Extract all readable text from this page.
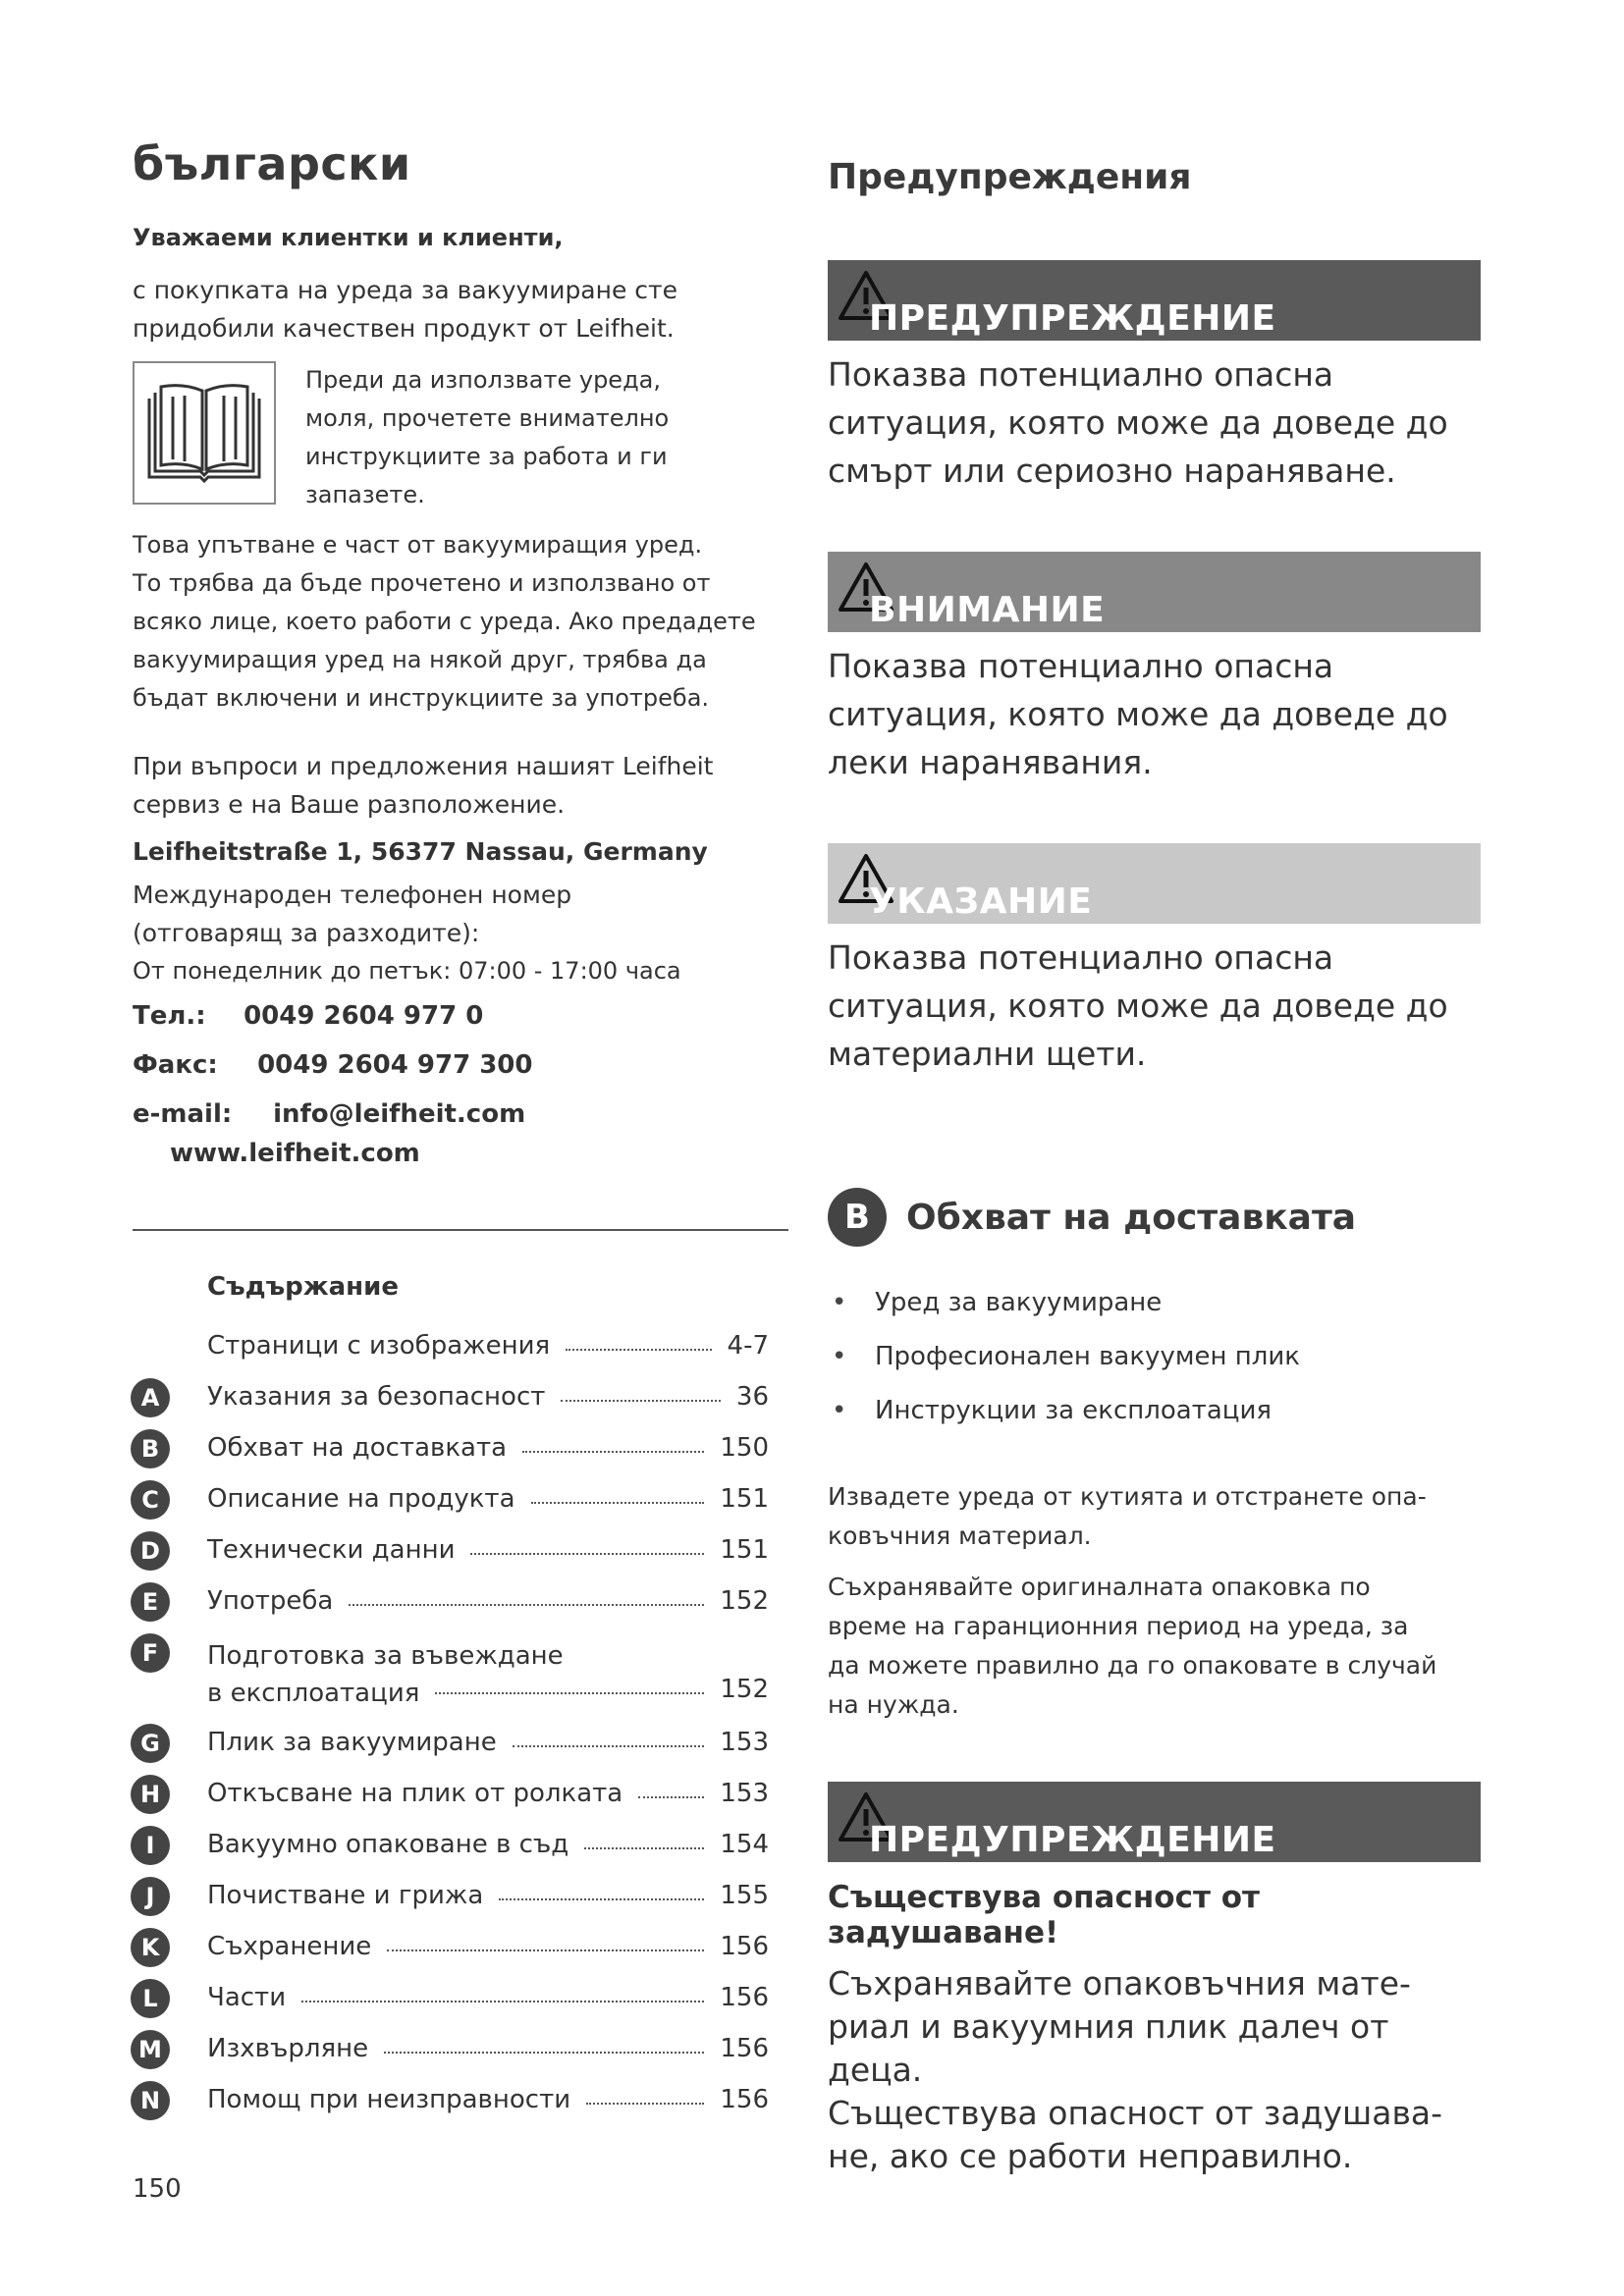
български
Уважаеми клиентки и клиенти,
с покупката на уреда за вакуумиране сте
придобили качествен продукт от Leifheit.
Преди да използвате уреда,
моля, прочетете внимателно
инструкциите за работа и ги
запазете.
Това упътване е част от вакуумиращия уред.
То трябва да бъде прочетено и използвано от
всяко лице, което работи с уреда. Ако предадете
вакуумиращия уред на някой друг, трябва да
бъдат включени и инструкциите за употреба.
При въпроси и предложения нашият Leifheit
сервиз е на Ваше разположение.
Leifheitstraße 1, 56377 Nassau, Germany
Международен телефонен номер
(отговарящ за разходите):
От понеделник до петък: 07:00 - 17:00 часа
Тел.: 0049 2604 977 0
Факс: 0049 2604 977 300
e-mail: info@leifheit.com
www.leifheit.com
Съдържание
Страници с изображения	4-7
A	Указания за безопасност	36
B	Обхват на доставката	150
C	Описание на продукта	151
D	Технически данни	151
E	Употреба	152
F	Подготовка за въвеждане
в експлоатация	152
G	Плик за вакуумиране	153
H	Откъсване на плик от ролката	153
I	Вакуумно опаковане в съд	154
J	Почистване и грижа	155
K	Съхранение	156
L	Части	156
M	Изхвърляне	156
N	Помощ при неизправности	156
150
Предупреждения
ПРЕДУПРЕЖДЕНИЕ
Показва потенциално опасна
ситуация, която може да доведе до
смърт или сериозно нараняване.
ВНИМАНИЕ
Показва потенциално опасна
ситуация, която може да доведе до
леки наранявания.
УКАЗАНИЕ
Показва потенциално опасна
ситуация, която може да доведе до
материални щети.
B	Обхват на доставката
• Уред за вакуумиране
• Професионален вакуумен плик
• Инструкции за експлоатация
Извадете уреда от кутията и отстранете опа-
ковъчния материал.
Съхранявайте оригиналната опаковка по
време на гаранционния период на уреда, за
да можете правилно да го опаковате в случай
на нужда.
ПРЕДУПРЕЖДЕНИЕ
Съществува опасност от задушаване!
Съхранявайте опаковъчния мате-
риал и вакуумния плик далеч от
деца.
Съществува опасност от задушава-
не, ако се работи неправилно.
